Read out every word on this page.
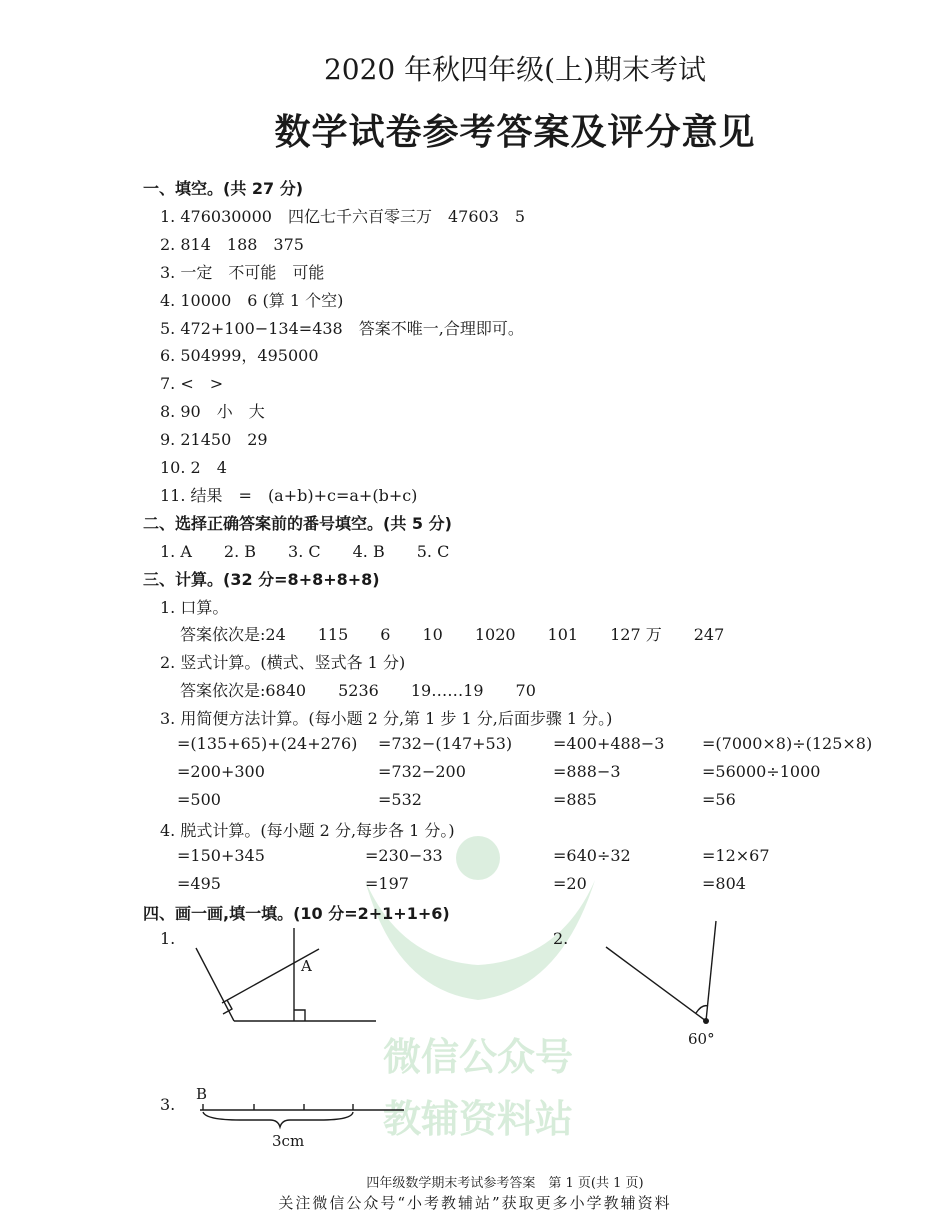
微信公众号
教辅资料站
2020 年秋四年级(上)期末考试
数学试卷参考答案及评分意见
一、填空。(共 27 分)
1. 476030000　四亿七千六百零三万　47603　5
2. 814　188　375
3. 一定　不可能　可能
4. 10000　6 (算 1 个空)
5. 472+100−134=438　答案不唯一,合理即可。
6. 504999，495000
7. <　>
8. 90　小　大
9. 21450　29
10. 2　4
11. 结果　=　(a+b)+c=a+(b+c)
二、选择正确答案前的番号填空。(共 5 分)
1. A　　2. B　　3. C　　4. B　　5. C
三、计算。(32 分=8+8+8+8)
1. 口算。
答案依次是:24　　115　　6　　10　　1020　　101　　127 万　　247
2. 竖式计算。(横式、竖式各 1 分)
答案依次是:6840　　5236　　19……19　　70
3. 用简便方法计算。(每小题 2 分,第 1 步 1 分,后面步骤 1 分。)
=(135+65)+(24+276) =732−(147+53)	=400+488−3 =(7000×8)÷(125×8)
=200+300	=732−200	=888−3	=56000÷1000
=500	=532	=885	=56
4. 脱式计算。(每小题 2 分,每步各 1 分。)
=150+345	=230−33	=640÷32	=12×67
=495	=197	=20	=804
四、画一画,填一填。(10 分=2+1+1+6)
1.
A
2.
60°
3.
B
3cm
四年级数学期末考试参考答案　第 1 页(共 1 页)
关注微信公众号“小考教辅站”获取更多小学教辅资料
